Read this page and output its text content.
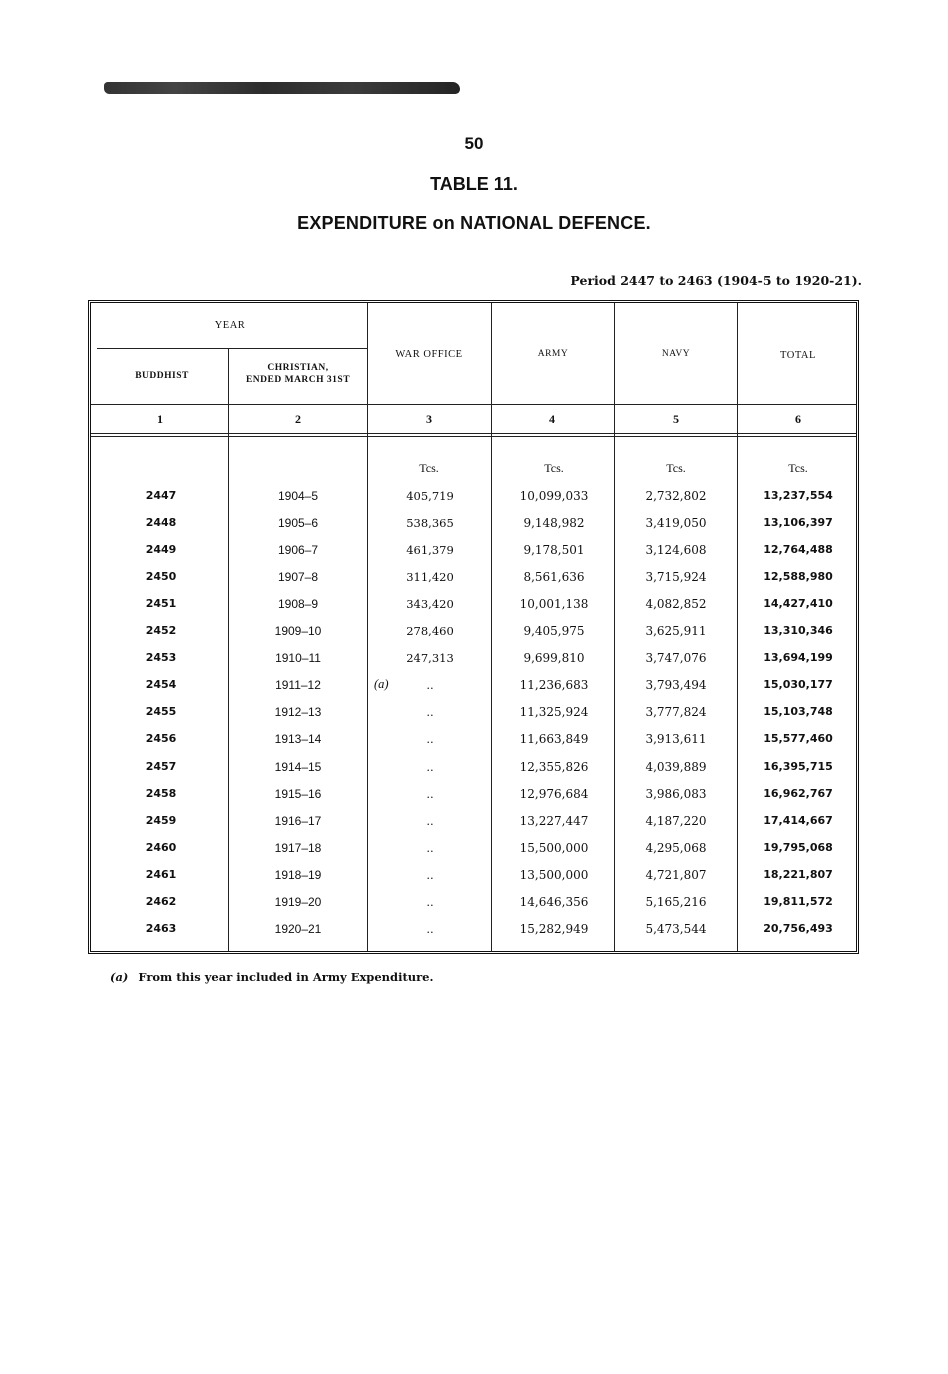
50
TABLE 11.
EXPENDITURE on NATIONAL DEFENCE.
Period 2447 to 2463 (1904-5 to 1920-21).
YEAR
BUDDHIST
CHRISTIAN,
ENDED MARCH 31ST
WAR OFFICE	ARMY	NAVY	TOTAL
1	2	3	4	5	6
Tcs.	Tcs.	Tcs.	Tcs.
2447	1904–5	405,719	10,099,033	2,732,802	13,237,554
2448	1905–6	538,365	9,148,982	3,419,050	13,106,397
2449	1906–7	461,379	9,178,501	3,124,608	12,764,488
2450	1907–8	311,420	8,561,636	3,715,924	12,588,980
2451	1908–9	343,420	10,001,138	4,082,852	14,427,410
2452	1909–10	278,460	9,405,975	3,625,911	13,310,346
2453	1910–11	247,313	9,699,810	3,747,076	13,694,199
2454	1911–12	..	11,236,683	3,793,494	15,030,177
2455	1912–13	..	11,325,924	3,777,824	15,103,748
2456	1913–14	..	11,663,849	3,913,611	15,577,460
2457	1914–15	..	12,355,826	4,039,889	16,395,715
2458	1915–16	..	12,976,684	3,986,083	16,962,767
2459	1916–17	..	13,227,447	4,187,220	17,414,667
2460	1917–18	..	15,500,000	4,295,068	19,795,068
2461	1918–19	..	13,500,000	4,721,807	18,221,807
2462	1919–20	..	14,646,356	5,165,216	19,811,572
2463	1920–21	..	15,282,949	5,473,544	20,756,493
(a)
(a) From this year included in Army Expenditure.
